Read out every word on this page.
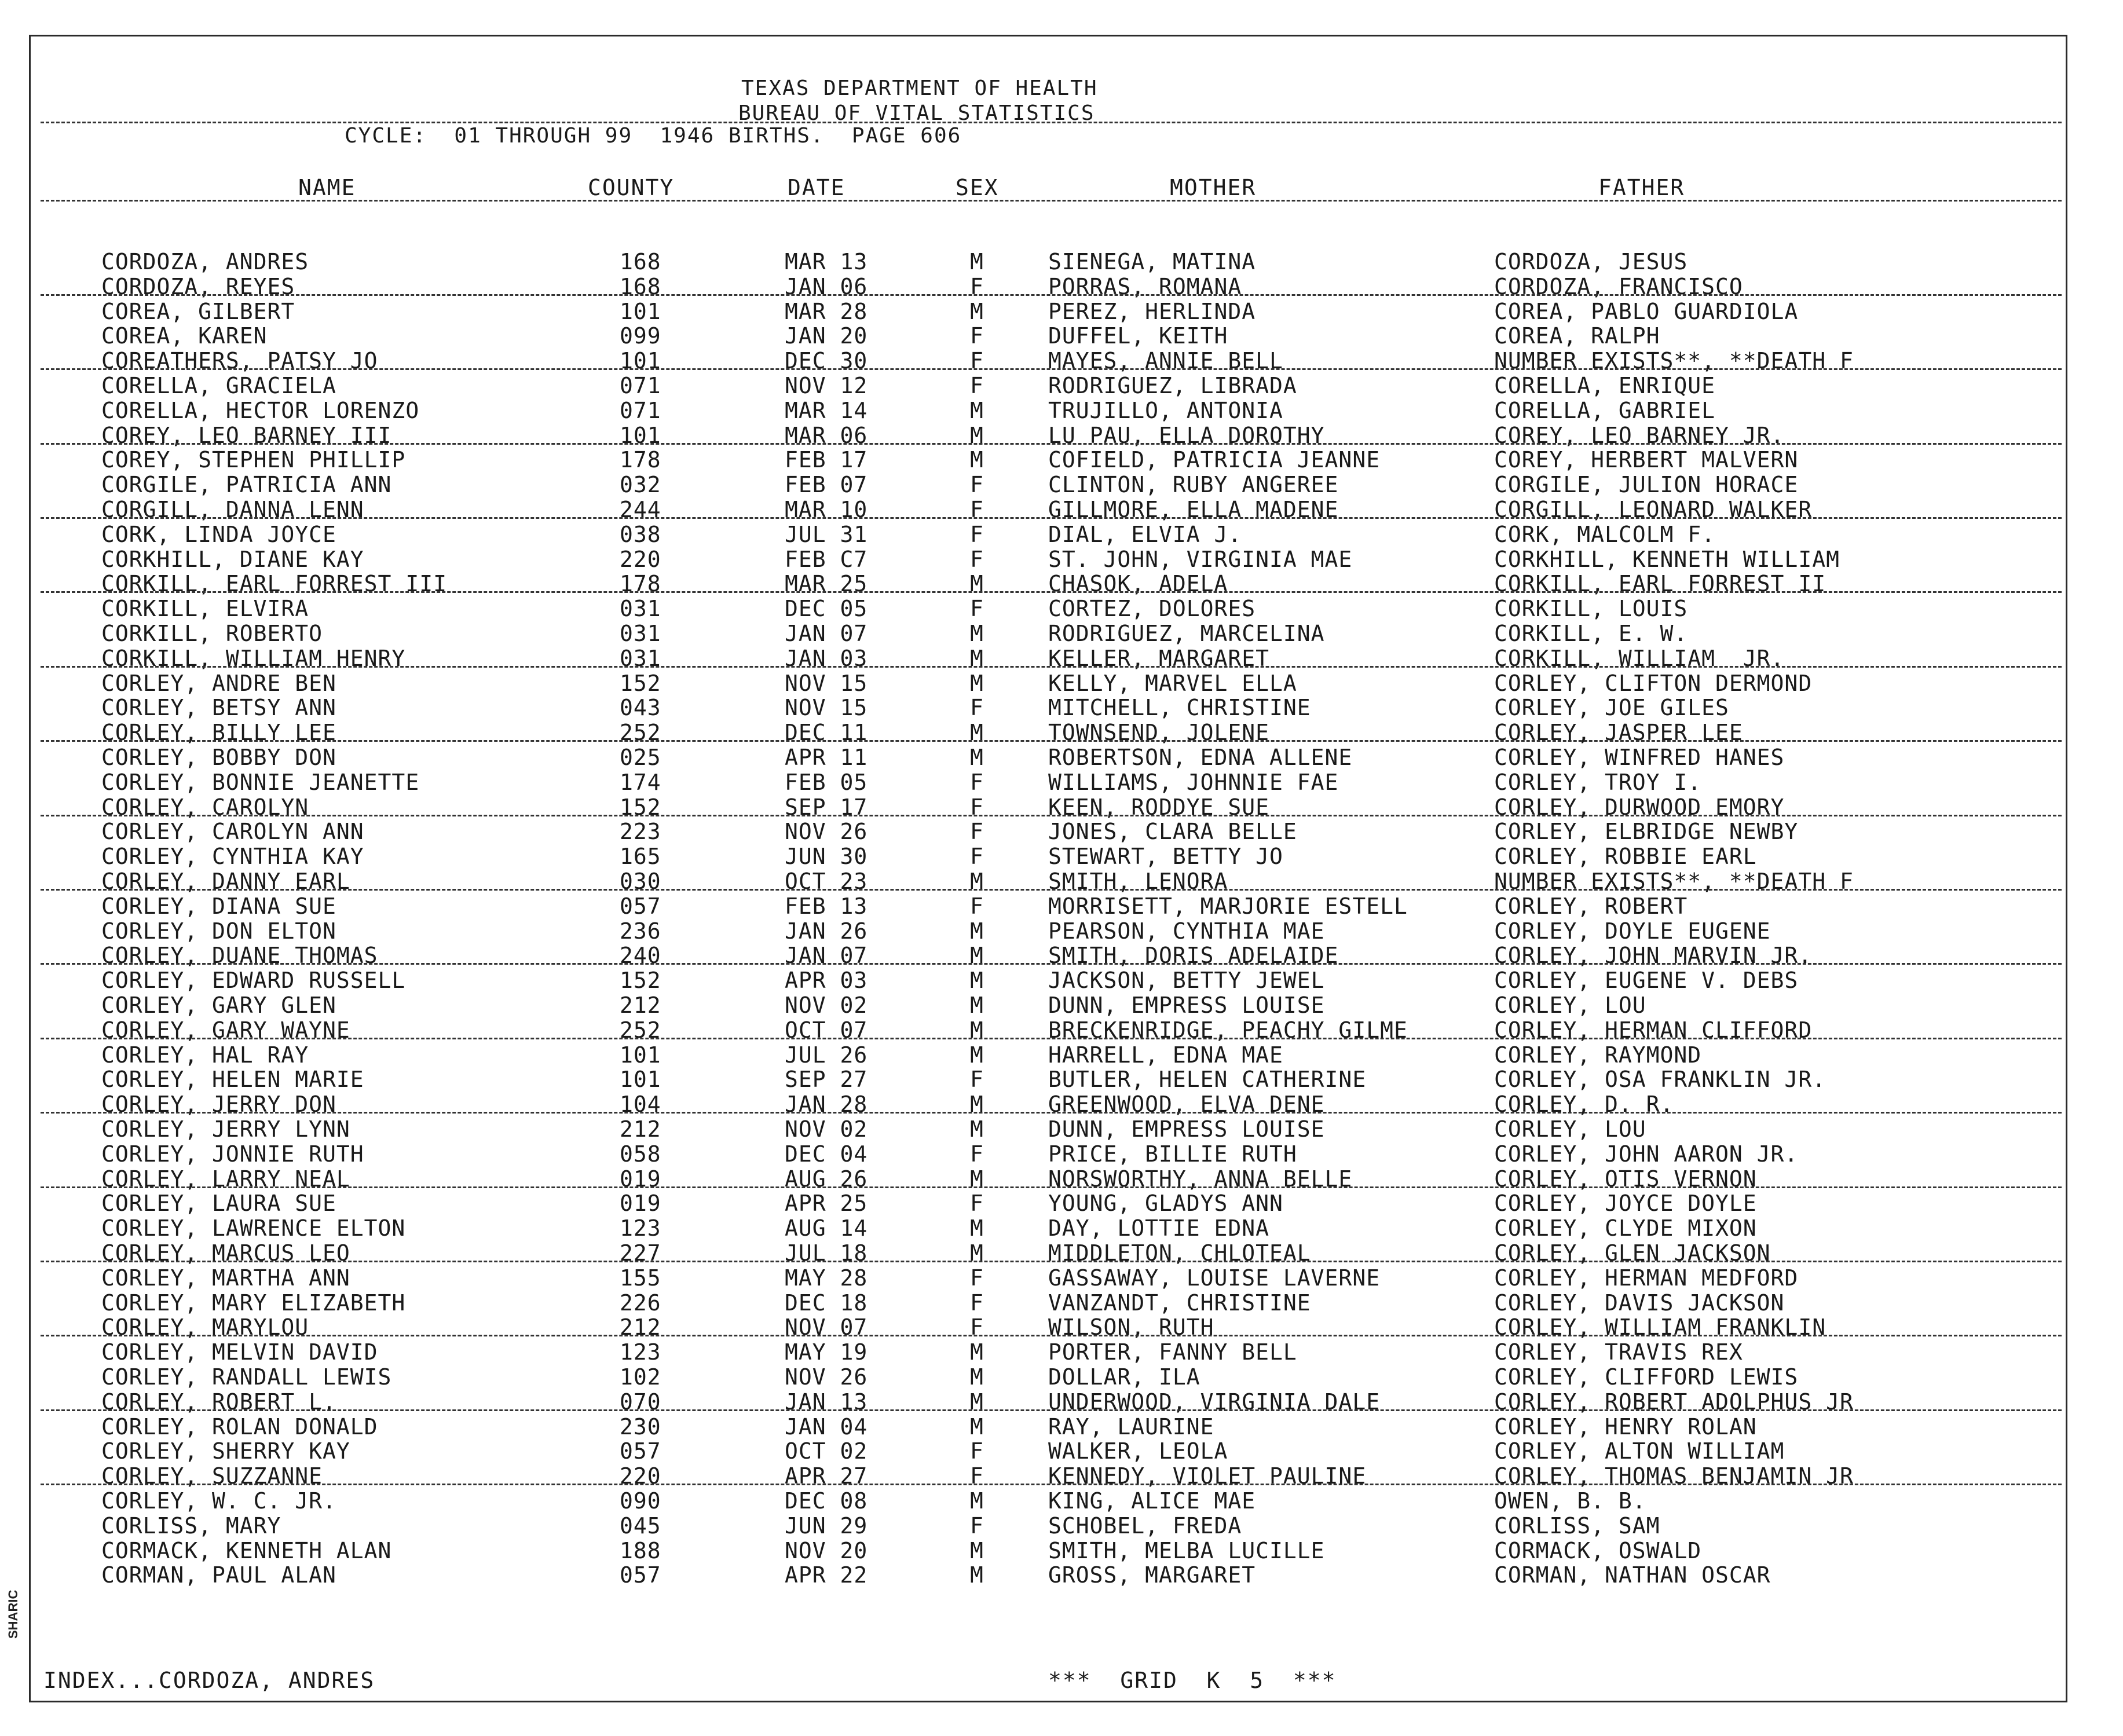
SHARIC
TEXAS DEPARTMENT OF HEALTH
BUREAU OF VITAL STATISTICS
CYCLE:  01 THROUGH 99  1946 BIRTHS.  PAGE 606
NAME	COUNTY	DATE	SEX	MOTHER	FATHER
CORDOZA, ANDRES	168	MAR 13	M	SIENEGA, MATINA	CORDOZA, JESUS
CORDOZA, REYES	168	JAN 06	F	PORRAS, ROMANA	CORDOZA, FRANCISCO
COREA, GILBERT	101	MAR 28	M	PEREZ, HERLINDA	COREA, PABLO GUARDIOLA
COREA, KAREN	099	JAN 20	F	DUFFEL, KEITH	COREA, RALPH
COREATHERS, PATSY JO	101	DEC 30	F	MAYES, ANNIE BELL	NUMBER EXISTS**, **DEATH F
CORELLA, GRACIELA	071	NOV 12	F	RODRIGUEZ, LIBRADA	CORELLA, ENRIQUE
CORELLA, HECTOR LORENZO	071	MAR 14	M	TRUJILLO, ANTONIA	CORELLA, GABRIEL
COREY, LEO BARNEY III	101	MAR 06	M	LU PAU, ELLA DOROTHY	COREY, LEO BARNEY JR.
COREY, STEPHEN PHILLIP	178	FEB 17	M	COFIELD, PATRICIA JEANNE	COREY, HERBERT MALVERN
CORGILE, PATRICIA ANN	032	FEB 07	F	CLINTON, RUBY ANGEREE	CORGILE, JULION HORACE
CORGILL, DANNA LENN	244	MAR 10	F	GILLMORE, ELLA MADENE	CORGILL, LEONARD WALKER
CORK, LINDA JOYCE	038	JUL 31	F	DIAL, ELVIA J.	CORK, MALCOLM F.
CORKHILL, DIANE KAY	220	FEB C7	F	ST. JOHN, VIRGINIA MAE	CORKHILL, KENNETH WILLIAM
CORKILL, EARL FORREST III	178	MAR 25	M	CHASOK, ADELA	CORKILL, EARL FORREST II
CORKILL, ELVIRA	031	DEC 05	F	CORTEZ, DOLORES	CORKILL, LOUIS
CORKILL, ROBERTO	031	JAN 07	M	RODRIGUEZ, MARCELINA	CORKILL, E. W.
CORKILL, WILLIAM HENRY	031	JAN 03	M	KELLER, MARGARET	CORKILL, WILLIAM  JR.
CORLEY, ANDRE BEN	152	NOV 15	M	KELLY, MARVEL ELLA	CORLEY, CLIFTON DERMOND
CORLEY, BETSY ANN	043	NOV 15	F	MITCHELL, CHRISTINE	CORLEY, JOE GILES
CORLEY, BILLY LEE	252	DEC 11	M	TOWNSEND, JOLENE	CORLEY, JASPER LEE
CORLEY, BOBBY DON	025	APR 11	M	ROBERTSON, EDNA ALLENE	CORLEY, WINFRED HANES
CORLEY, BONNIE JEANETTE	174	FEB 05	F	WILLIAMS, JOHNNIE FAE	CORLEY, TROY I.
CORLEY, CAROLYN	152	SEP 17	F	KEEN, RODDYE SUE	CORLEY, DURWOOD EMORY
CORLEY, CAROLYN ANN	223	NOV 26	F	JONES, CLARA BELLE	CORLEY, ELBRIDGE NEWBY
CORLEY, CYNTHIA KAY	165	JUN 30	F	STEWART, BETTY JO	CORLEY, ROBBIE EARL
CORLEY, DANNY EARL	030	OCT 23	M	SMITH, LENORA	NUMBER EXISTS**, **DEATH F
CORLEY, DIANA SUE	057	FEB 13	F	MORRISETT, MARJORIE ESTELL	CORLEY, ROBERT
CORLEY, DON ELTON	236	JAN 26	M	PEARSON, CYNTHIA MAE	CORLEY, DOYLE EUGENE
CORLEY, DUANE THOMAS	240	JAN 07	M	SMITH, DORIS ADELAIDE	CORLEY, JOHN MARVIN JR.
CORLEY, EDWARD RUSSELL	152	APR 03	M	JACKSON, BETTY JEWEL	CORLEY, EUGENE V. DEBS
CORLEY, GARY GLEN	212	NOV 02	M	DUNN, EMPRESS LOUISE	CORLEY, LOU
CORLEY, GARY WAYNE	252	OCT 07	M	BRECKENRIDGE, PEACHY GILME	CORLEY, HERMAN CLIFFORD
CORLEY, HAL RAY	101	JUL 26	M	HARRELL, EDNA MAE	CORLEY, RAYMOND
CORLEY, HELEN MARIE	101	SEP 27	F	BUTLER, HELEN CATHERINE	CORLEY, OSA FRANKLIN JR.
CORLEY, JERRY DON	104	JAN 28	M	GREENWOOD, ELVA DENE	CORLEY, D. R.
CORLEY, JERRY LYNN	212	NOV 02	M	DUNN, EMPRESS LOUISE	CORLEY, LOU
CORLEY, JONNIE RUTH	058	DEC 04	F	PRICE, BILLIE RUTH	CORLEY, JOHN AARON JR.
CORLEY, LARRY NEAL	019	AUG 26	M	NORSWORTHY, ANNA BELLE	CORLEY, OTIS VERNON
CORLEY, LAURA SUE	019	APR 25	F	YOUNG, GLADYS ANN	CORLEY, JOYCE DOYLE
CORLEY, LAWRENCE ELTON	123	AUG 14	M	DAY, LOTTIE EDNA	CORLEY, CLYDE MIXON
CORLEY, MARCUS LEO	227	JUL 18	M	MIDDLETON, CHLOTEAL	CORLEY, GLEN JACKSON
CORLEY, MARTHA ANN	155	MAY 28	F	GASSAWAY, LOUISE LAVERNE	CORLEY, HERMAN MEDFORD
CORLEY, MARY ELIZABETH	226	DEC 18	F	VANZANDT, CHRISTINE	CORLEY, DAVIS JACKSON
CORLEY, MARYLOU	212	NOV 07	F	WILSON, RUTH	CORLEY, WILLIAM FRANKLIN
CORLEY, MELVIN DAVID	123	MAY 19	M	PORTER, FANNY BELL	CORLEY, TRAVIS REX
CORLEY, RANDALL LEWIS	102	NOV 26	M	DOLLAR, ILA	CORLEY, CLIFFORD LEWIS
CORLEY, ROBERT L.	070	JAN 13	M	UNDERWOOD, VIRGINIA DALE	CORLEY, ROBERT ADOLPHUS JR
CORLEY, ROLAN DONALD	230	JAN 04	M	RAY, LAURINE	CORLEY, HENRY ROLAN
CORLEY, SHERRY KAY	057	OCT 02	F	WALKER, LEOLA	CORLEY, ALTON WILLIAM
CORLEY, SUZZANNE	220	APR 27	F	KENNEDY, VIOLET PAULINE	CORLEY, THOMAS BENJAMIN JR
CORLEY, W. C. JR.	090	DEC 08	M	KING, ALICE MAE	OWEN, B. B.
CORLISS, MARY	045	JUN 29	F	SCHOBEL, FREDA	CORLISS, SAM
CORMACK, KENNETH ALAN	188	NOV 20	M	SMITH, MELBA LUCILLE	CORMACK, OSWALD
CORMAN, PAUL ALAN	057	APR 22	M	GROSS, MARGARET	CORMAN, NATHAN OSCAR
INDEX...CORDOZA, ANDRES	***  GRID  K  5  ***
